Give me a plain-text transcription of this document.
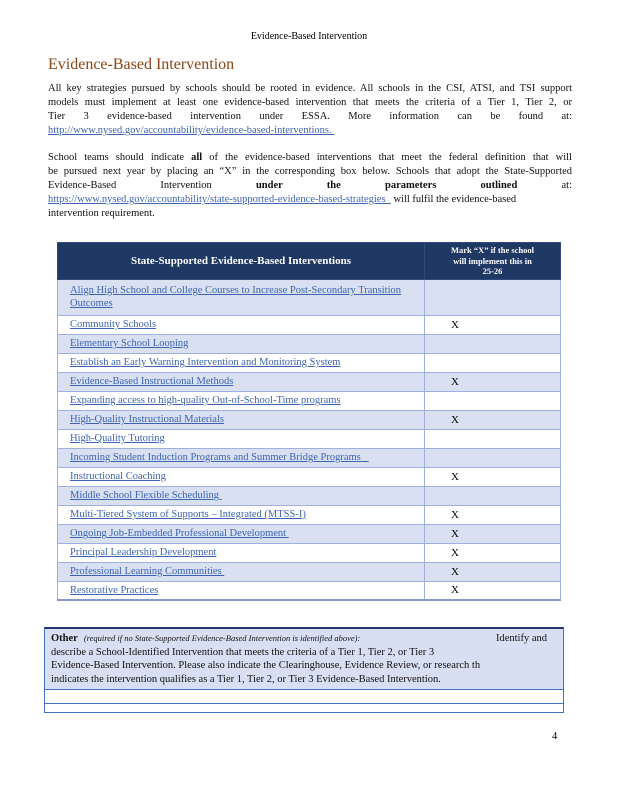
Evidence-Based Intervention
Evidence-Based Intervention
All key strategies pursued by schools should be rooted in evidence. All schools in the CSI, ATSI, and TSI support
models must implement at least one evidence-based intervention that meets the criteria of a Tier 1, Tier 2, or
Tier 3 evidence-based intervention under ESSA. More information can be found at:
http://www.nysed.gov/accountability/evidence-based-interventions.
School teams should indicate all of the evidence-based interventions that meet the federal definition that will
be pursued next year by placing an “X” in the corresponding box below. Schools that adopt the State-Supported
Evidence-Based Intervention under the parameters outlined at:
https://www.nysed.gov/accountability/state-supported-evidence-based-strategies   will fulfil the evidence-based
intervention requirement.
State-Supported Evidence-Based Interventions	Mark “X” if the school
will implement this in
25-26

Align High School and College Courses to Increase Post-Secondary Transition Outcomes	
Community Schools	X
Elementary School Looping	
Establish an Early Warning Intervention and Monitoring System	
Evidence-Based Instructional Methods	X
Expanding access to high-quality Out-of-School-Time programs	
High-Quality Instructional Materials	X
High-Quality Tutoring	
Incoming Student Induction Programs and Summer Bridge Programs	
Instructional Coaching	X
Middle School Flexible Scheduling	
Multi-Tiered System of Supports – Integrated (MTSS-I)	X
Ongoing Job-Embedded Professional Development	X
Principal Leadership Development	X
Professional Learning Communities	X
Restorative Practices	X
Other (required if no State-Supported Evidence-Based Intervention is identified above):	Identify and
describe a School-Identified Intervention that meets the criteria of a Tier 1, Tier 2, or Tier 3
Evidence-Based Intervention. Please also indicate the Clearinghouse, Evidence Review, or research th
indicates the intervention qualifies as a Tier 1, Tier 2, or Tier 3 Evidence-Based Intervention.
4
